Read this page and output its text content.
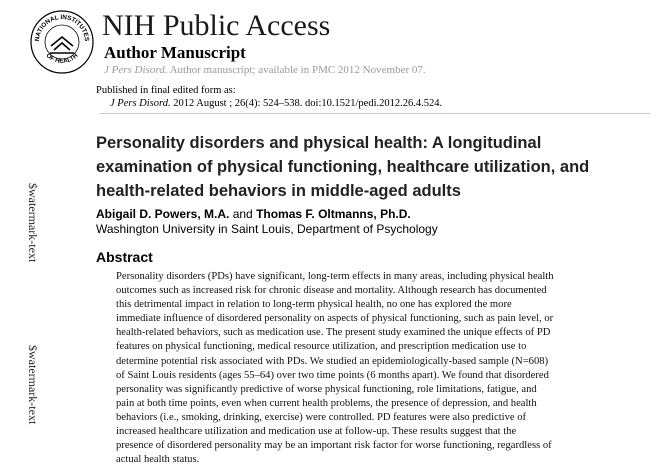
NATIONAL INSTITUTES
OF HEALTH
NIH Public Access
Author Manuscript
J Pers Disord. Author manuscript; available in PMC 2012 November 07.
Published in final edited form as:
J Pers Disord. 2012 August ; 26(4): 524–538. doi:10.1521/pedi.2012.26.4.524.
Personality disorders and physical health: A longitudinal examination of physical functioning, healthcare utilization, and health-related behaviors in middle-aged adults
Abigail D. Powers, M.A. and Thomas F. Oltmanns, Ph.D.
Washington University in Saint Louis, Department of Psychology
Abstract
Personality disorders (PDs) have significant, long-term effects in many areas, including physical health outcomes such as increased risk for chronic disease and mortality. Although research has documented this detrimental impact in relation to long-term physical health, no one has explored the more immediate influence of disordered personality on aspects of physical functioning, such as pain level, or health-related behaviors, such as medication use. The present study examined the unique effects of PD features on physical functioning, medical resource utilization, and prescription medication use to determine potential risk associated with PDs. We studied an epidemiologically-based sample (N=608) of Saint Louis residents (ages 55–64) over two time points (6 months apart). We found that disordered personality was significantly predictive of worse physical functioning, role limitations, fatigue, and pain at both time points, even when current health problems, the presence of depression, and health behaviors (i.e., smoking, drinking, exercise) were controlled. PD features were also predictive of increased healthcare utilization and medication use at follow-up. These results suggest that the presence of disordered personality may be an important risk factor for worse functioning, regardless of actual health status.
$watermark-text
$watermark-text
